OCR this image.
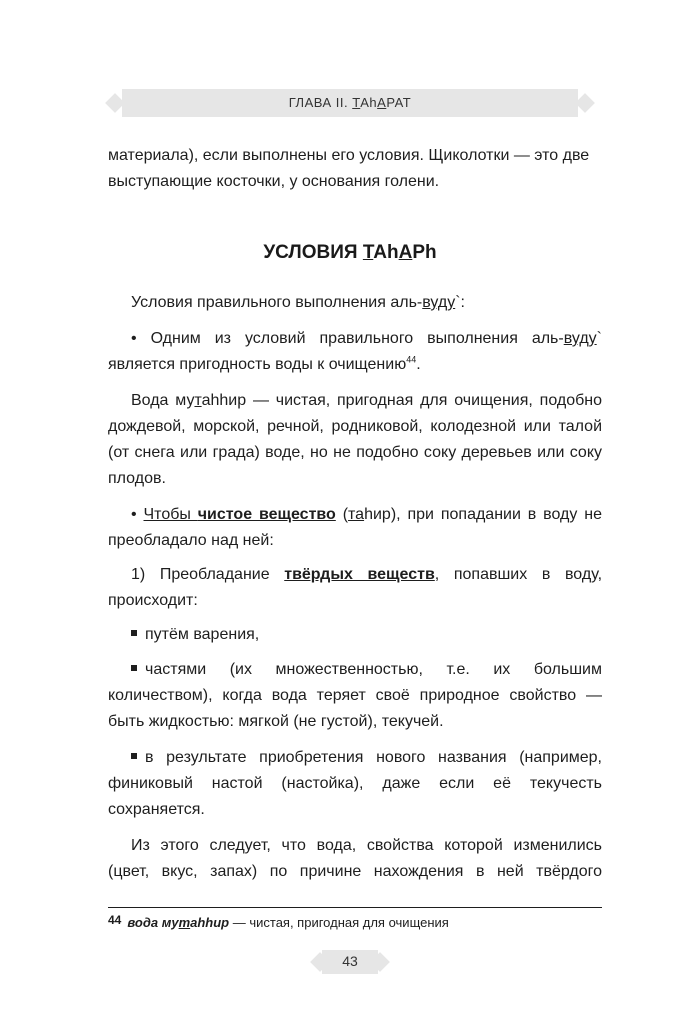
ГЛАВА II. ТАhАРАТ

материала), если выполнены его условия. Щиколотки — это две выступающие косточки, у основания голени.

УСЛОВИЯ ТАhАРh

Условия правильного выполнения аль-вуду`:

• Одним из условий правильного выполнения аль-вуду` является пригодность воды к очищению$^{44}$.

Вода мутаhhир — чистая, пригодная для очищения, подобно дождевой, морской, речной, родниковой, колодезной или талой (от снега или града) воде, но не подобно соку деревьев или соку плодов.

• Чтобы чистое вещество (таhир), при попадании в воду не преобладало над ней:

1) Преобладание твёрдых веществ, попавших в воду, происходит:

путём варения,

частями (их множественностью, т.е. их большим количеством), когда вода теряет своё природное свойство — быть жидкостью: мягкой (не густой), текучей.

в результате приобретения нового названия (например, финиковый настой (настойка), даже если её текучесть сохраняется.

Из этого следует, что вода, свойства которой изменились (цвет, вкус, запах) по причине нахождения в ней твёрдого

44 вода мутаhhир — чистая, пригодная для очищения
43
